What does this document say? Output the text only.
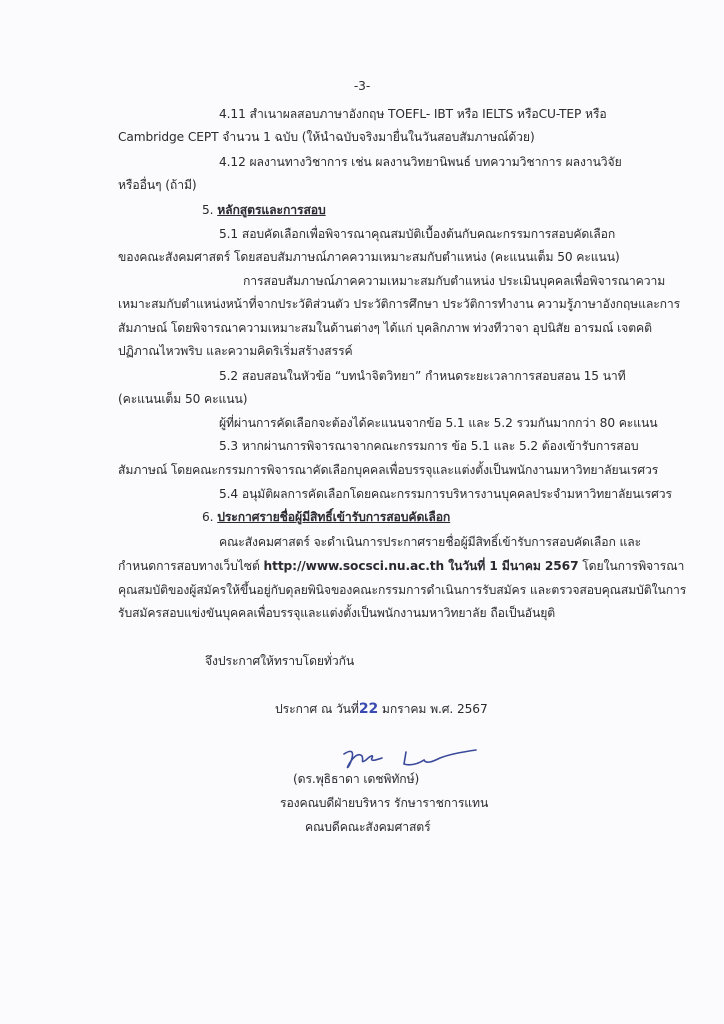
-3-
4.11 สำเนาผลสอบภาษาอังกฤษ TOEFL- IBT หรือ IELTS หรือCU-TEP หรือ
Cambridge CEPT จำนวน 1 ฉบับ (ให้นำฉบับจริงมายื่นในวันสอบสัมภาษณ์ด้วย)
4.12 ผลงานทางวิชาการ เช่น ผลงานวิทยานิพนธ์ บทความวิชาการ ผลงานวิจัย
หรืออื่นๆ (ถ้ามี)
5. หลักสูตรและการสอบ
5.1 สอบคัดเลือกเพื่อพิจารณาคุณสมบัติเบื้องต้นกับคณะกรรมการสอบคัดเลือก
ของคณะสังคมศาสตร์ โดยสอบสัมภาษณ์ภาคความเหมาะสมกับตำแหน่ง (คะแนนเต็ม 50 คะแนน)
การสอบสัมภาษณ์ภาคความเหมาะสมกับตำแหน่ง ประเมินบุคคลเพื่อพิจารณาความ
เหมาะสมกับตำแหน่งหน้าที่จากประวัติส่วนตัว ประวัติการศึกษา ประวัติการทำงาน ความรู้ภาษาอังกฤษและการ
สัมภาษณ์ โดยพิจารณาความเหมาะสมในด้านต่างๆ ได้แก่ บุคลิกภาพ ท่วงทีวาจา อุปนิสัย อารมณ์ เจตคติ
ปฏิภาณไหวพริบ และความคิดริเริ่มสร้างสรรค์
5.2 สอบสอนในหัวข้อ “บทนำจิตวิทยา” กำหนดระยะเวลาการสอบสอน 15 นาที
(คะแนนเต็ม 50 คะแนน)
ผู้ที่ผ่านการคัดเลือกจะต้องได้คะแนนจากข้อ 5.1 และ 5.2 รวมกันมากกว่า 80 คะแนน
5.3 หากผ่านการพิจารณาจากคณะกรรมการ ข้อ 5.1 และ 5.2 ต้องเข้ารับการสอบ
สัมภาษณ์ โดยคณะกรรมการพิจารณาคัดเลือกบุคคลเพื่อบรรจุและแต่งตั้งเป็นพนักงานมหาวิทยาลัยนเรศวร
5.4 อนุมัติผลการคัดเลือกโดยคณะกรรมการบริหารงานบุคคลประจำมหาวิทยาลัยนเรศวร
6. ประกาศรายชื่อผู้มีสิทธิ์เข้ารับการสอบคัดเลือก
คณะสังคมศาสตร์ จะดำเนินการประกาศรายชื่อผู้มีสิทธิ์เข้ารับการสอบคัดเลือก และ
กำหนดการสอบทางเว็บไซต์ http://www.socsci.nu.ac.th ในวันที่ 1 มีนาคม 2567 โดยในการพิจารณา
คุณสมบัติของผู้สมัครให้ขึ้นอยู่กับดุลยพินิจของคณะกรรมการดำเนินการรับสมัคร และตรวจสอบคุณสมบัติในการ
รับสมัครสอบแข่งขันบุคคลเพื่อบรรจุและแต่งตั้งเป็นพนักงานมหาวิทยาลัย ถือเป็นอันยุติ
จึงประกาศให้ทราบโดยทั่วกัน
ประกาศ ณ วันที่22 มกราคม พ.ศ. 2567
(ดร.พุธิธาดา เดชพิทักษ์)
รองคณบดีฝ่ายบริหาร รักษาราชการแทน
คณบดีคณะสังคมศาสตร์
